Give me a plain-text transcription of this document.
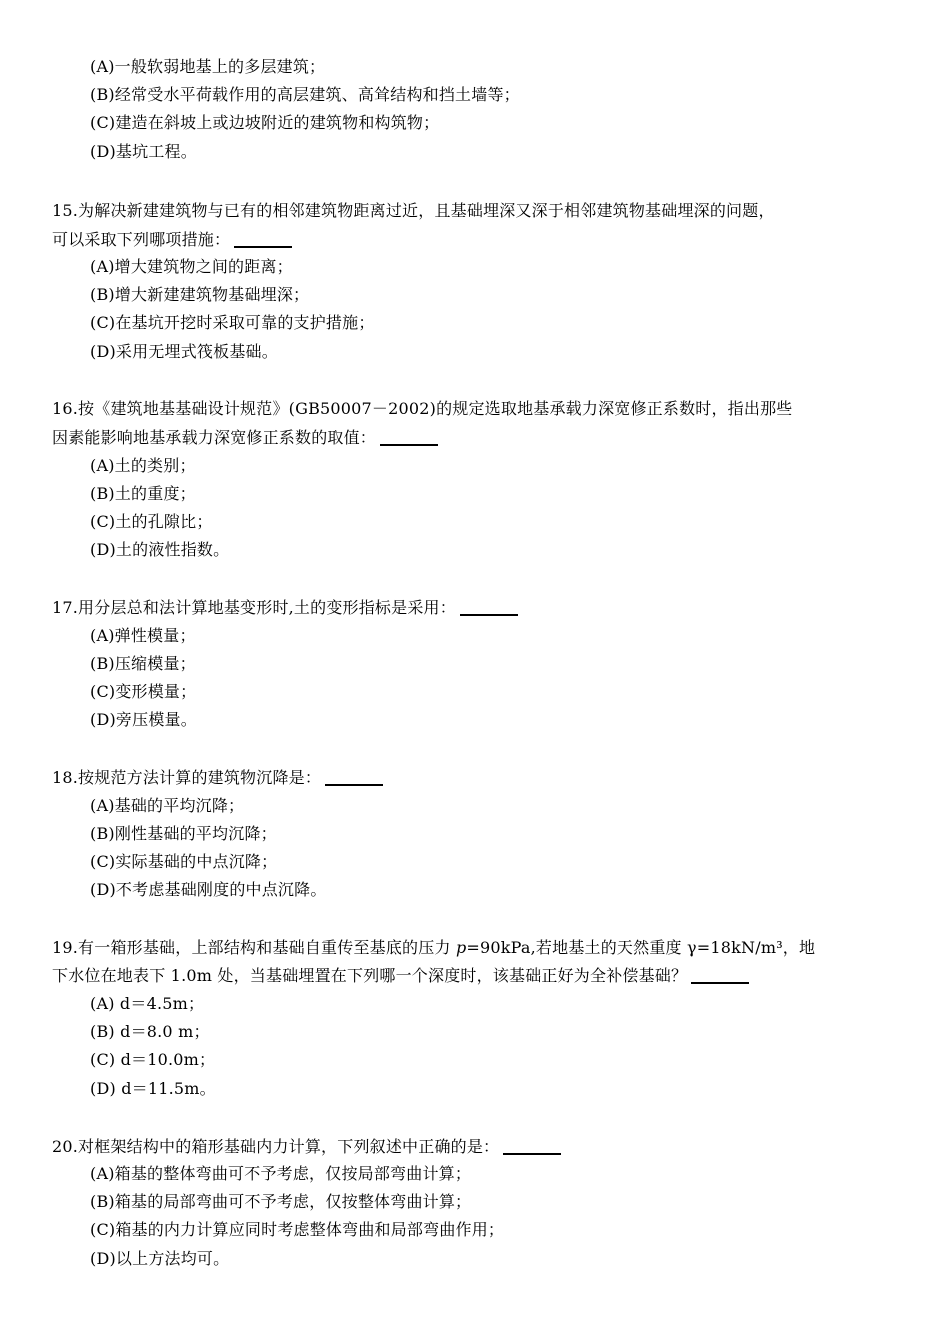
(A)一般软弱地基上的多层建筑；
(B)经常受水平荷载作用的高层建筑、高耸结构和挡土墙等；
(C)建造在斜坡上或边坡附近的建筑物和构筑物；
(D)基坑工程。
15.为解决新建建筑物与已有的相邻建筑物距离过近，且基础埋深又深于相邻建筑物基础埋深的问题，
可以采取下列哪项措施：
(A)增大建筑物之间的距离；
(B)增大新建建筑物基础埋深；
(C)在基坑开挖时采取可靠的支护措施；
(D)采用无埋式筏板基础。
16.按《建筑地基基础设计规范》(GB50007－2002)的规定选取地基承载力深宽修正系数时，指出那些
因素能影响地基承载力深宽修正系数的取值：
(A)土的类别；
(B)土的重度；
(C)土的孔隙比；
(D)土的液性指数。
17.用分层总和法计算地基变形时,土的变形指标是采用：
(A)弹性模量；
(B)压缩模量；
(C)变形模量；
(D)旁压模量。
18.按规范方法计算的建筑物沉降是：
(A)基础的平均沉降；
(B)刚性基础的平均沉降；
(C)实际基础的中点沉降；
(D)不考虑基础刚度的中点沉降。
19.有一箱形基础，上部结构和基础自重传至基底的压力 p=90kPa,若地基土的天然重度 γ=18kN/m³，地
下水位在地表下 1.0m 处，当基础埋置在下列哪一个深度时，该基础正好为全补偿基础？
(A) d＝4.5m；
(B) d＝8.0 m；
(C) d＝10.0m；
(D) d＝11.5m。
20.对框架结构中的箱形基础内力计算，下列叙述中正确的是：
(A)箱基的整体弯曲可不予考虑，仅按局部弯曲计算；
(B)箱基的局部弯曲可不予考虑，仅按整体弯曲计算；
(C)箱基的内力计算应同时考虑整体弯曲和局部弯曲作用；
(D)以上方法均可。
